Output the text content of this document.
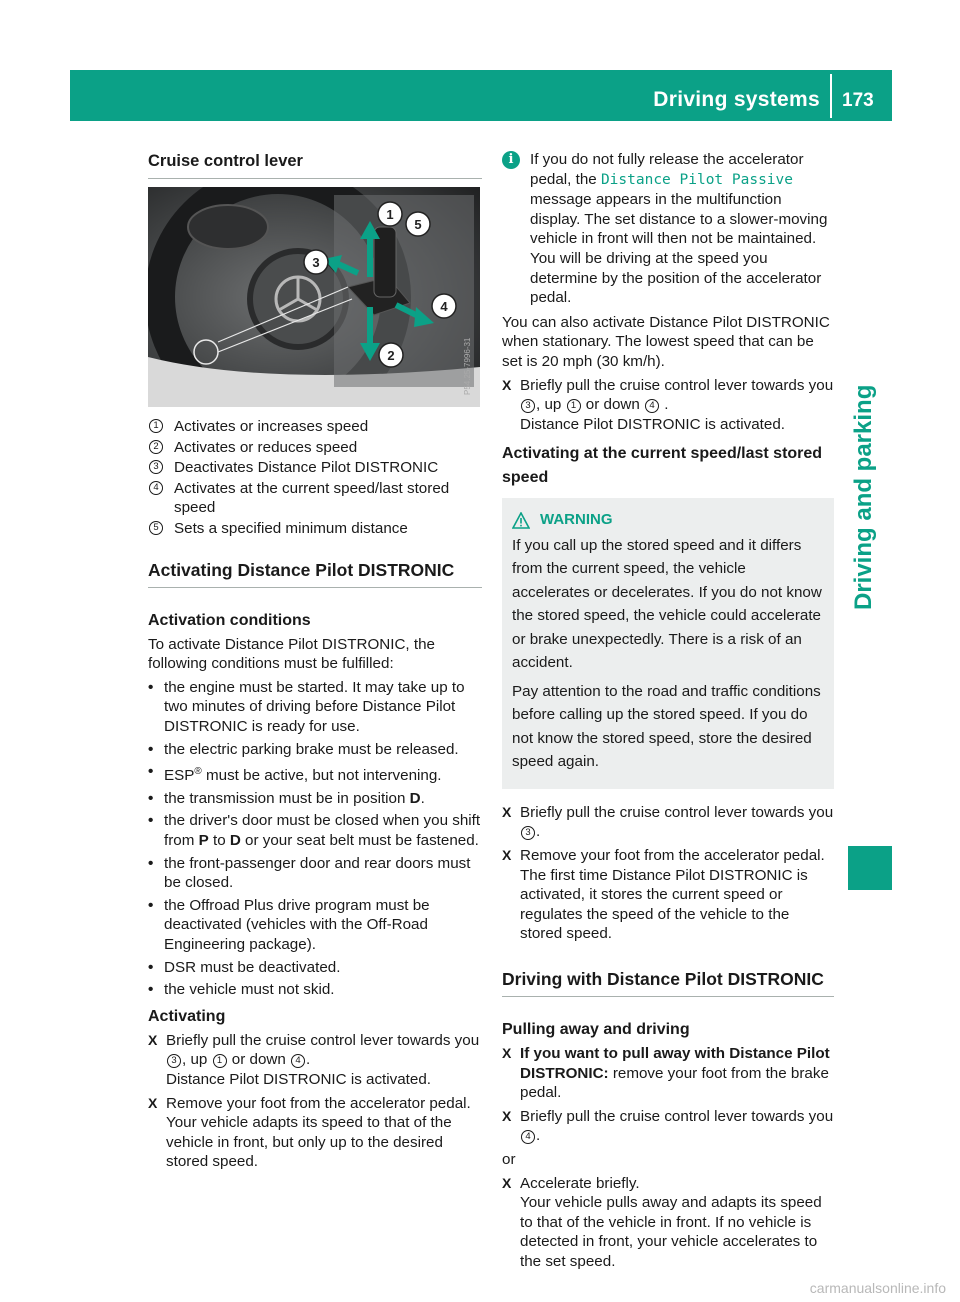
Driving systems 173
Driving and parking
Cruise control lever
1
5
3
4
2	P54.25-7996-31
1 Activates or increases speed
2 Activates or reduces speed
3 Deactivates Distance Pilot DISTRONIC
4 Activates at the current speed/last stored speed
5 Sets a specified minimum distance
Activating Distance Pilot DISTRONIC
Activation conditions

To activate Distance Pilot DISTRONIC, the following conditions must be fulfilled:

• the engine must be started. It may take up to two minutes of driving before Distance Pilot DISTRONIC is ready for use.
• the electric parking brake must be released.
• ESP® must be active, but not intervening.
• the transmission must be in position D.
• the driver's door must be closed when you shift from P to D or your seat belt must be fastened.
• the front-passenger door and rear doors must be closed.
• the Offroad Plus drive program must be deactivated (vehicles with the Off-Road Engineering package).
• DSR must be deactivated.
• the vehicle must not skid.
Activating
X Briefly pull the cruise control lever towards you 3 , up 1 or down 4 .
Distance Pilot DISTRONIC is activated.
X Remove your foot from the accelerator pedal.
Your vehicle adapts its speed to that of the vehicle in front, but only up to the desired stored speed.
i	If you do not fully release the accelerator pedal, the Distance Pilot Passive message appears in the multifunction display. The set distance to a slower-moving vehicle in front will then not be maintained. You will be driving at the speed you determine by the position of the accelerator pedal.

You can also activate Distance Pilot DISTRONIC when stationary. The lowest speed that can be set is 20 mph (30 km/h).

X Briefly pull the cruise control lever towards you 3 , up 1 or down 4 .
Distance Pilot DISTRONIC is activated.
Activating at the current speed/last stored speed
WARNING

If you call up the stored speed and it differs from the current speed, the vehicle accelerates or decelerates. If you do not know the stored speed, the vehicle could accelerate or brake unexpectedly. There is a risk of an accident.

Pay attention to the road and traffic conditions before calling up the stored speed. If you do not know the stored speed, store the desired speed again.

X Briefly pull the cruise control lever towards you 3 .
X Remove your foot from the accelerator pedal.
The first time Distance Pilot DISTRONIC is activated, it stores the current speed or regulates the speed of the vehicle to the stored speed.
Driving with Distance Pilot DISTRONIC
Pulling away and driving
X If you want to pull away with Distance Pilot DISTRONIC: remove your foot from the brake pedal.
X Briefly pull the cruise control lever towards you 4 .

or

X Accelerate briefly.
Your vehicle pulls away and adapts its speed to that of the vehicle in front. If no vehicle is detected in front, your vehicle accelerates to the set speed.
carmanualsonline.info
